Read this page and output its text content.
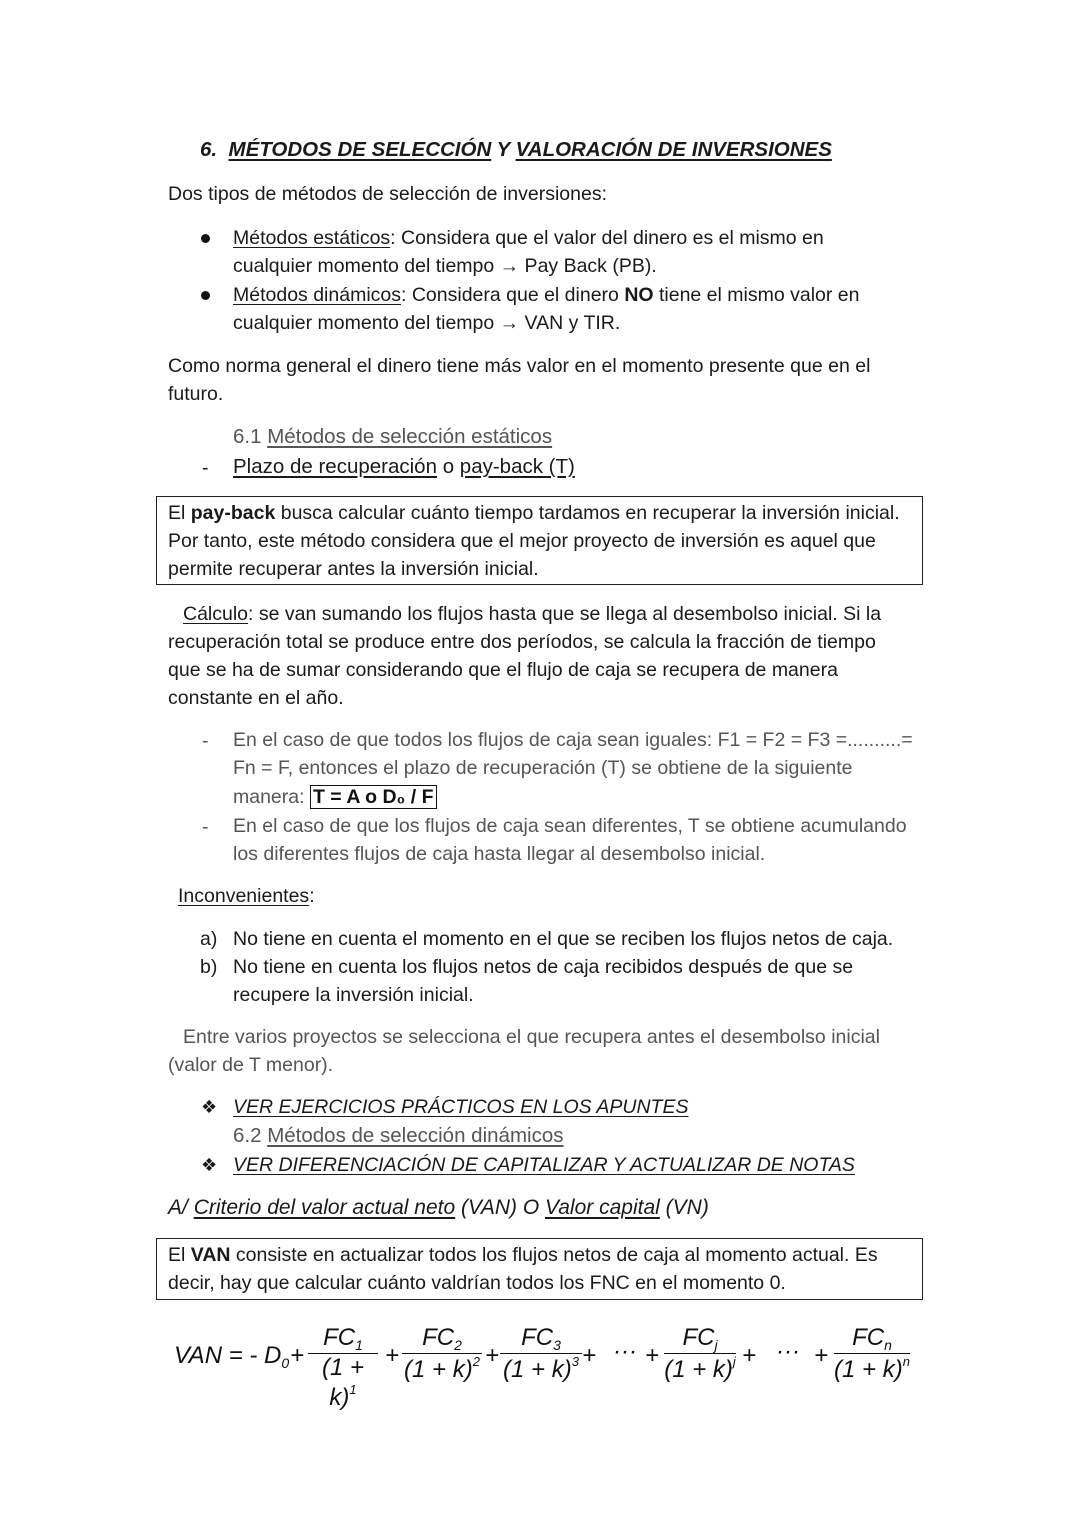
6. MÉTODOS DE SELECCIÓN Y VALORACIÓN DE INVERSIONES
Dos tipos de métodos de selección de inversiones:
Métodos estáticos: Considera que el valor del dinero es el mismo en
cualquier momento del tiempo → Pay Back (PB).
Métodos dinámicos: Considera que el dinero NO tiene el mismo valor en
cualquier momento del tiempo → VAN y TIR.
Como norma general el dinero tiene más valor en el momento presente que en el
futuro.
6.1 Métodos de selección estáticos
- Plazo de recuperación o pay-back (T)
El pay-back busca calcular cuánto tiempo tardamos en recuperar la inversión inicial.
Por tanto, este método considera que el mejor proyecto de inversión es aquel que
permite recuperar antes la inversión inicial.
Cálculo: se van sumando los flujos hasta que se llega al desembolso inicial. Si la
recuperación total se produce entre dos períodos, se calcula la fracción de tiempo
que se ha de sumar considerando que el flujo de caja se recupera de manera
constante en el año.
- En el caso de que todos los flujos de caja sean iguales: F1 = F2 = F3 =..........=
Fn = F, entonces el plazo de recuperación (T) se obtiene de la siguiente
manera: T = A o D₀ / F
- En el caso de que los flujos de caja sean diferentes, T se obtiene acumulando
los diferentes flujos de caja hasta llegar al desembolso inicial.
Inconvenientes:
a) No tiene en cuenta el momento en el que se reciben los flujos netos de caja.
b) No tiene en cuenta los flujos netos de caja recibidos después de que se
recupere la inversión inicial.
Entre varios proyectos se selecciona el que recupera antes el desembolso inicial
(valor de T menor).
❖ VER EJERCICIOS PRÁCTICOS EN LOS APUNTES
6.2 Métodos de selección dinámicos
❖ VER DIFERENCIACIÓN DE CAPITALIZAR Y ACTUALIZAR DE NOTAS
A/ Criterio del valor actual neto (VAN) O Valor capital (VN)
El VAN consiste en actualizar todos los flujos netos de caja al momento actual. Es
decir, hay que calcular cuánto valdrían todos los FNC en el momento 0.
VAN = - $D_0$ +
$FC_1$
$(1 + k)^1$
+
$FC_2$
$(1 + k)^2$ +
$FC_3$
$(1 + k)^3$ + ··· +
$FC_j$
$(1 + k)^j$ + ··· +
$FC_n$
$(1 + k)^n$
